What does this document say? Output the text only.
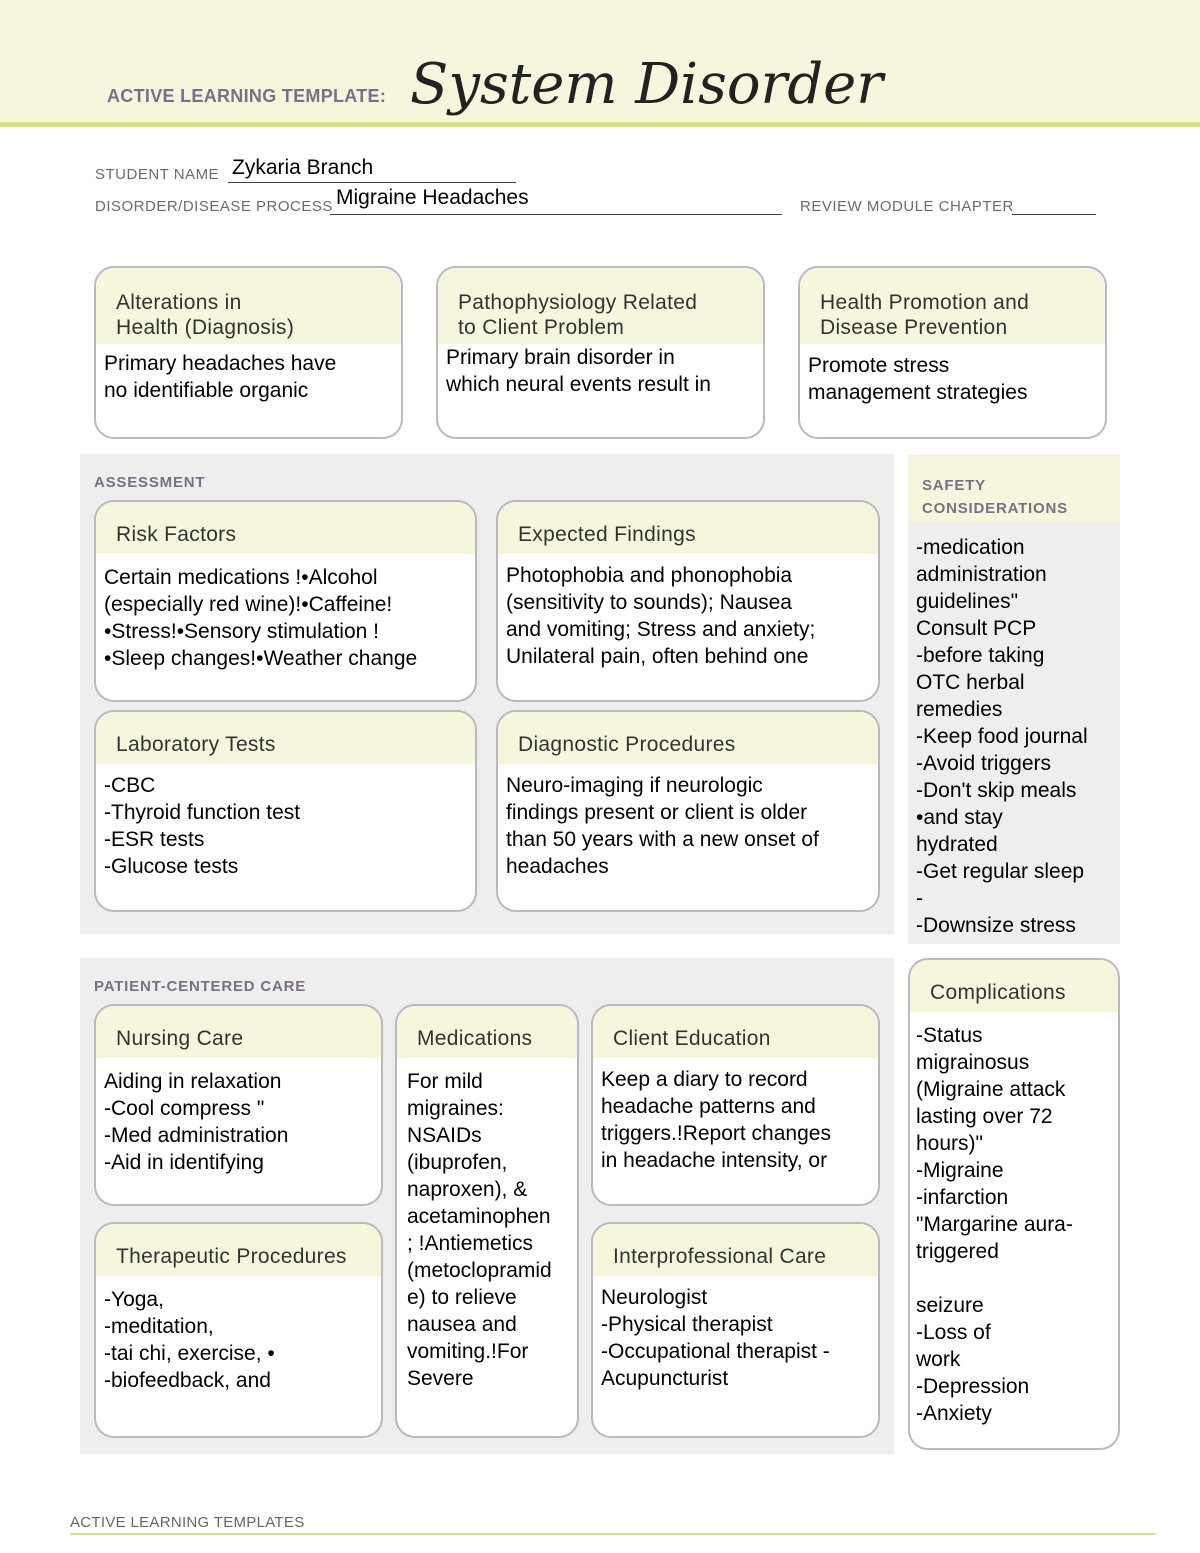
ACTIVE LEARNING TEMPLATE: System Disorder
STUDENT NAME Zykaria Branch
DISORDER/DISEASE PROCESS Migraine Headaches	REVIEW MODULE CHAPTER
Alterations in
Health (Diagnosis)
Primary headaches have
no identifiable organic
Pathophysiology Related
to Client Problem
Primary brain disorder in
which neural events result in
Health Promotion and
Disease Prevention
Promote stress
management strategies
ASSESSMENT
Risk Factors
Certain medications !•Alcohol
(especially red wine)!•Caffeine!
•Stress!•Sensory stimulation !
•Sleep changes!•Weather change
Expected Findings
Photophobia and phonophobia
(sensitivity to sounds); Nausea
and vomiting; Stress and anxiety;
Unilateral pain, often behind one
Laboratory Tests
-CBC
-Thyroid function test
-ESR tests
-Glucose tests
Diagnostic Procedures
Neuro-imaging if neurologic
findings present or client is older
than 50 years with a new onset of
headaches
SAFETY
CONSIDERATIONS
-medication
administration
guidelines"
Consult PCP
-before taking
OTC herbal
remedies
-Keep food journal
-Avoid triggers
-Don't skip meals
•and stay
hydrated
-Get regular sleep
-
-Downsize stress
PATIENT-CENTERED CARE
Nursing Care
Aiding in relaxation
-Cool compress "
-Med administration
-Aid in identifying
Medications
For mild
migraines:
NSAIDs
(ibuprofen,
naproxen), &
acetaminophen
; !Antiemetics
(metoclopramid
e) to relieve
nausea and
vomiting.!For
Severe
Client Education
Keep a diary to record
headache patterns and
triggers.!Report changes
in headache intensity, or
Therapeutic Procedures
-Yoga,
-meditation,
-tai chi, exercise, •
-biofeedback, and
Interprofessional Care
Neurologist
-Physical therapist
-Occupational therapist -
Acupuncturist
Complications
-Status
migrainosus
(Migraine attack
lasting over 72
hours)"
-Migraine
-infarction
"Margarine aura-
triggered

seizure
-Loss of
work
-Depression
-Anxiety
ACTIVE LEARNING TEMPLATES
